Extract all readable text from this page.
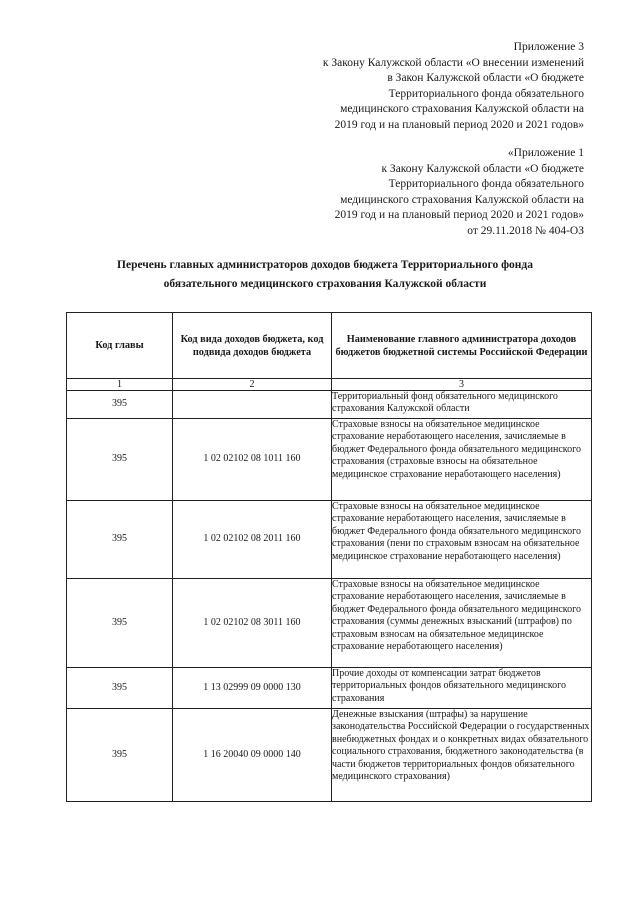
Приложение 3
к Закону Калужской области «О внесении изменений
в Закон Калужской области «О бюджете
Территориального фонда обязательного
медицинского страхования Калужской области на
2019 год и на плановый период 2020 и 2021 годов»
«Приложение 1
к Закону Калужской области «О бюджете
Территориального фонда обязательного
медицинского страхования Калужской области на
2019 год и на плановый период 2020 и 2021 годов»
от 29.11.2018 № 404-ОЗ
Перечень главных администраторов доходов бюджета Территориального фонда
обязательного медицинского страхования Калужской области
Код главы	Код вида доходов бюджета, код подвида доходов бюджета	Наименование главного администратора доходов бюджетов бюджетной системы Российской Федерации
1	2	3
395		Территориальный фонд обязательного медицинского страхования Калужской области
395	1 02 02102 08 1011 160	Страховые взносы на обязательное медицинское страхование неработающего населения, зачисляемые в бюджет Федерального фонда обязательного медицинского страхования (страховые взносы на обязательное медицинское страхование неработающего населения)
395	1 02 02102 08 2011 160	Страховые взносы на обязательное медицинское страхование неработающего населения, зачисляемые в бюджет Федерального фонда обязательного медицинского страхования (пени по страховым взносам на обязательное медицинское страхование неработающего населения)
395	1 02 02102 08 3011 160	Страховые взносы на обязательное медицинское страхование неработающего населения, зачисляемые в бюджет Федерального фонда обязательного медицинского страхования (суммы денежных взысканий (штрафов) по страховым взносам на обязательное медицинское страхование неработающего населения)
395	1 13 02999 09 0000 130	Прочие доходы от компенсации затрат бюджетов территориальных фондов обязательного медицинского страхования
395	1 16 20040 09 0000 140	Денежные взыскания (штрафы) за нарушение законодательства Российской Федерации о государственных внебюджетных фондах и о конкретных видах обязательного социального страхования, бюджетного законодательства (в части бюджетов территориальных фондов обязательного медицинского страхования)
